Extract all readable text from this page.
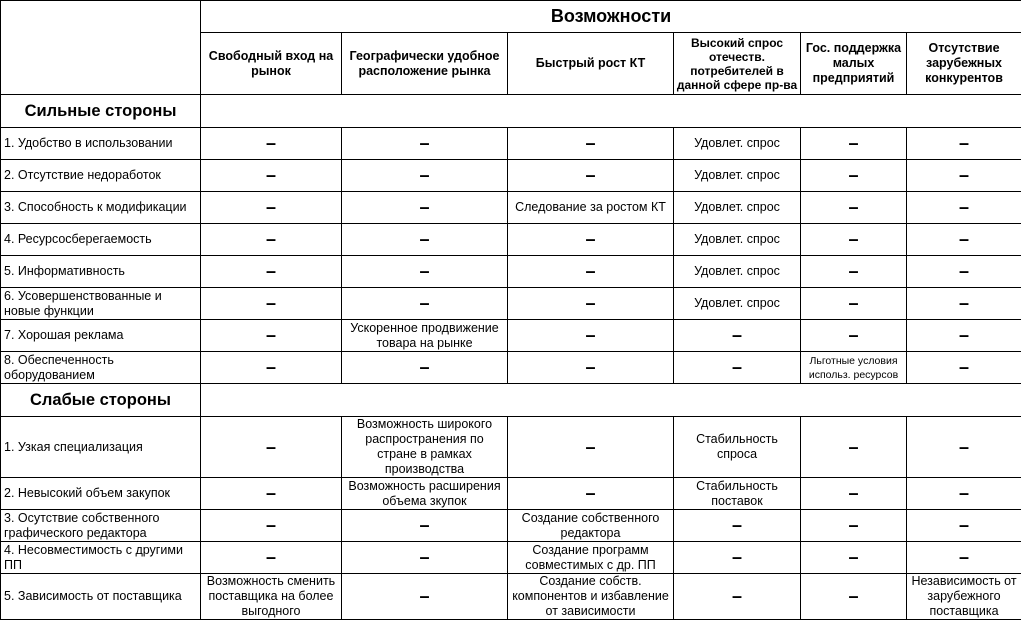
	Возможности					
	Свободный вход на рынок	Географически удобное расположение рынка	Быстрый рост КТ	Высокий спрос отечеств. потребителей в данной сфере пр-ва	Гос. поддержка малых предприятий	Отсутствие зарубежных конкурентов
Сильные стороны						
1. Удобство в использовании	–	–	–	Удовлет. спрос	–	–
2. Отсутствие недоработок	–	–	–	Удовлет. спрос	–	–
3. Способность к модификации	–	–	Следование за ростом КТ	Удовлет. спрос	–	–
4. Ресурсосберегаемость	–	–	–	Удовлет. спрос	–	–
5. Информативность	–	–	–	Удовлет. спрос	–	–
6. Усовершенствованные и новые функции	–	–	–	Удовлет. спрос	–	–
7. Хорошая реклама	–	Ускоренное продвижение товара на рынке	–	–	–	–
8. Обеспеченность оборудованием	–	–	–	–	Льготные условия использ. ресурсов	–
Слабые стороны						
1. Узкая специализация	–	Возможность широкого распространения по стране в рамках производства	–	Стабильность спроса	–	–
2. Невысокий объем закупок	–	Возможность расширения объема зкупок	–	Стабильность поставок	–	–
3. Осутствие собственного графического редактора	–	–	Создание собственного редактора	–	–	–
4. Несовместимость с другими ПП	–	–	Создание программ совместимых с др. ПП	–	–	–
5. Зависимость от поставщика	Возможность сменить поставщика на более выгодного	–	Создание собств. компонентов и избавление от зависимости	–	–	Независимость от зарубежного поставщика
